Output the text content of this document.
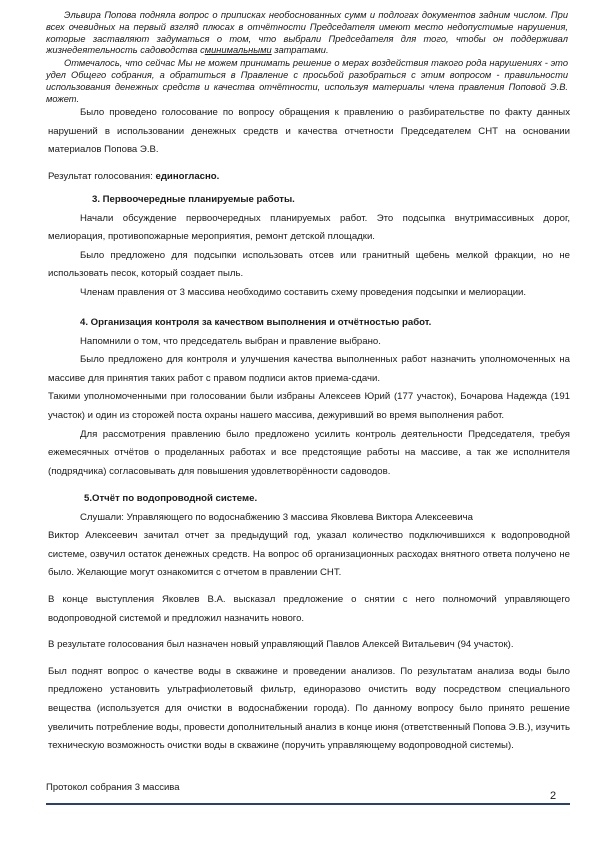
Эльвира Попова подняла вопрос о приписках необоснованных сумм и подлогах документов задним числом. При всех очевидных на первый взгляд плюсах в отчётности Председателя имеют место недопустимые нарушения, которые заставляют задуматься о том, что выбрали Председателя для того, чтобы он поддерживал жизнедеятельность садоводства сминимальными затратами.

Отмечалось, что сейчас Мы не можем принимать решение о мерах воздействия такого рода нарушениях - это удел Общего собрания, а обратиться в Правление с просьбой разобраться с этим вопросом - правильности использования денежных средств и качества отчётности, используя материалы члена правления Поповой Э.В. может.

Было проведено голосование по вопросу обращения к правлению о разбирательстве по факту данных нарушений в использовании денежных средств и качества отчетности Председателем СНТ на основании материалов Попова Э.В.

Результат голосования: единогласно.

3. Первоочередные планируемые работы.

Начали обсуждение первоочередных планируемых работ. Это подсыпка внутримассивных дорог, мелиорация, противопожарные мероприятия, ремонт детской площадки.

Было предложено для подсыпки использовать отсев или гранитный щебень мелкой фракции, но не использовать песок, который создает пыль.

Членам правления от 3 массива необходимо составить схему проведения подсыпки и мелиорации.

4. Организация контроля за качеством выполнения и отчётностью работ.

Напомнили о том, что председатель выбран и правление выбрано.

Было предложено для контроля и улучшения качества выполненных работ назначить уполномоченных на массиве для принятия таких работ с правом подписи актов приема-сдачи.

Такими уполномоченными при голосовании были избраны Алексеев Юрий (177 участок), Бочарова Надежда (191 участок) и один из сторожей поста охраны нашего массива, дежуривший во время выполнения работ.

Для рассмотрения правлению было предложено усилить контроль деятельности Председателя, требуя ежемесячных отчётов о проделанных работах и все предстоящие работы на массиве, а так же исполнителя (подрядчика) согласовывать для повышения удовлетворённости садоводов.

5.Отчёт по водопроводной системе.

Слушали: Управляющего по водоснабжению 3 массива Яковлева Виктора Алексеевича

Виктор Алексеевич зачитал отчет за предыдущий год, указал количество подключившихся к водопроводной системе, озвучил остаток денежных средств. На вопрос об организационных расходах внятного ответа получено не было. Желающие могут ознакомится с отчетом в правлении СНТ.

В конце выступления Яковлев В.А. высказал предложение о снятии с него полномочий управляющего водопроводной системой и предложил назначить нового.

В результате голосования был назначен новый управляющий Павлов Алексей Витальевич (94 участок).

Был поднят вопрос о качестве воды в скважине и проведении анализов. По результатам анализа воды было предложено установить ультрафиолетовый фильтр, единоразово очистить воду посредством специального вещества (используется для очистки в водоснабжении города). По данному вопросу было принято решение увеличить потребление воды, провести дополнительный анализ в конце июня (ответственный Попова Э.В.), изучить техническую возможность очистки воды в скважине (поручить управляющему водопроводной системы).

Протокол собрания 3 массива
2
